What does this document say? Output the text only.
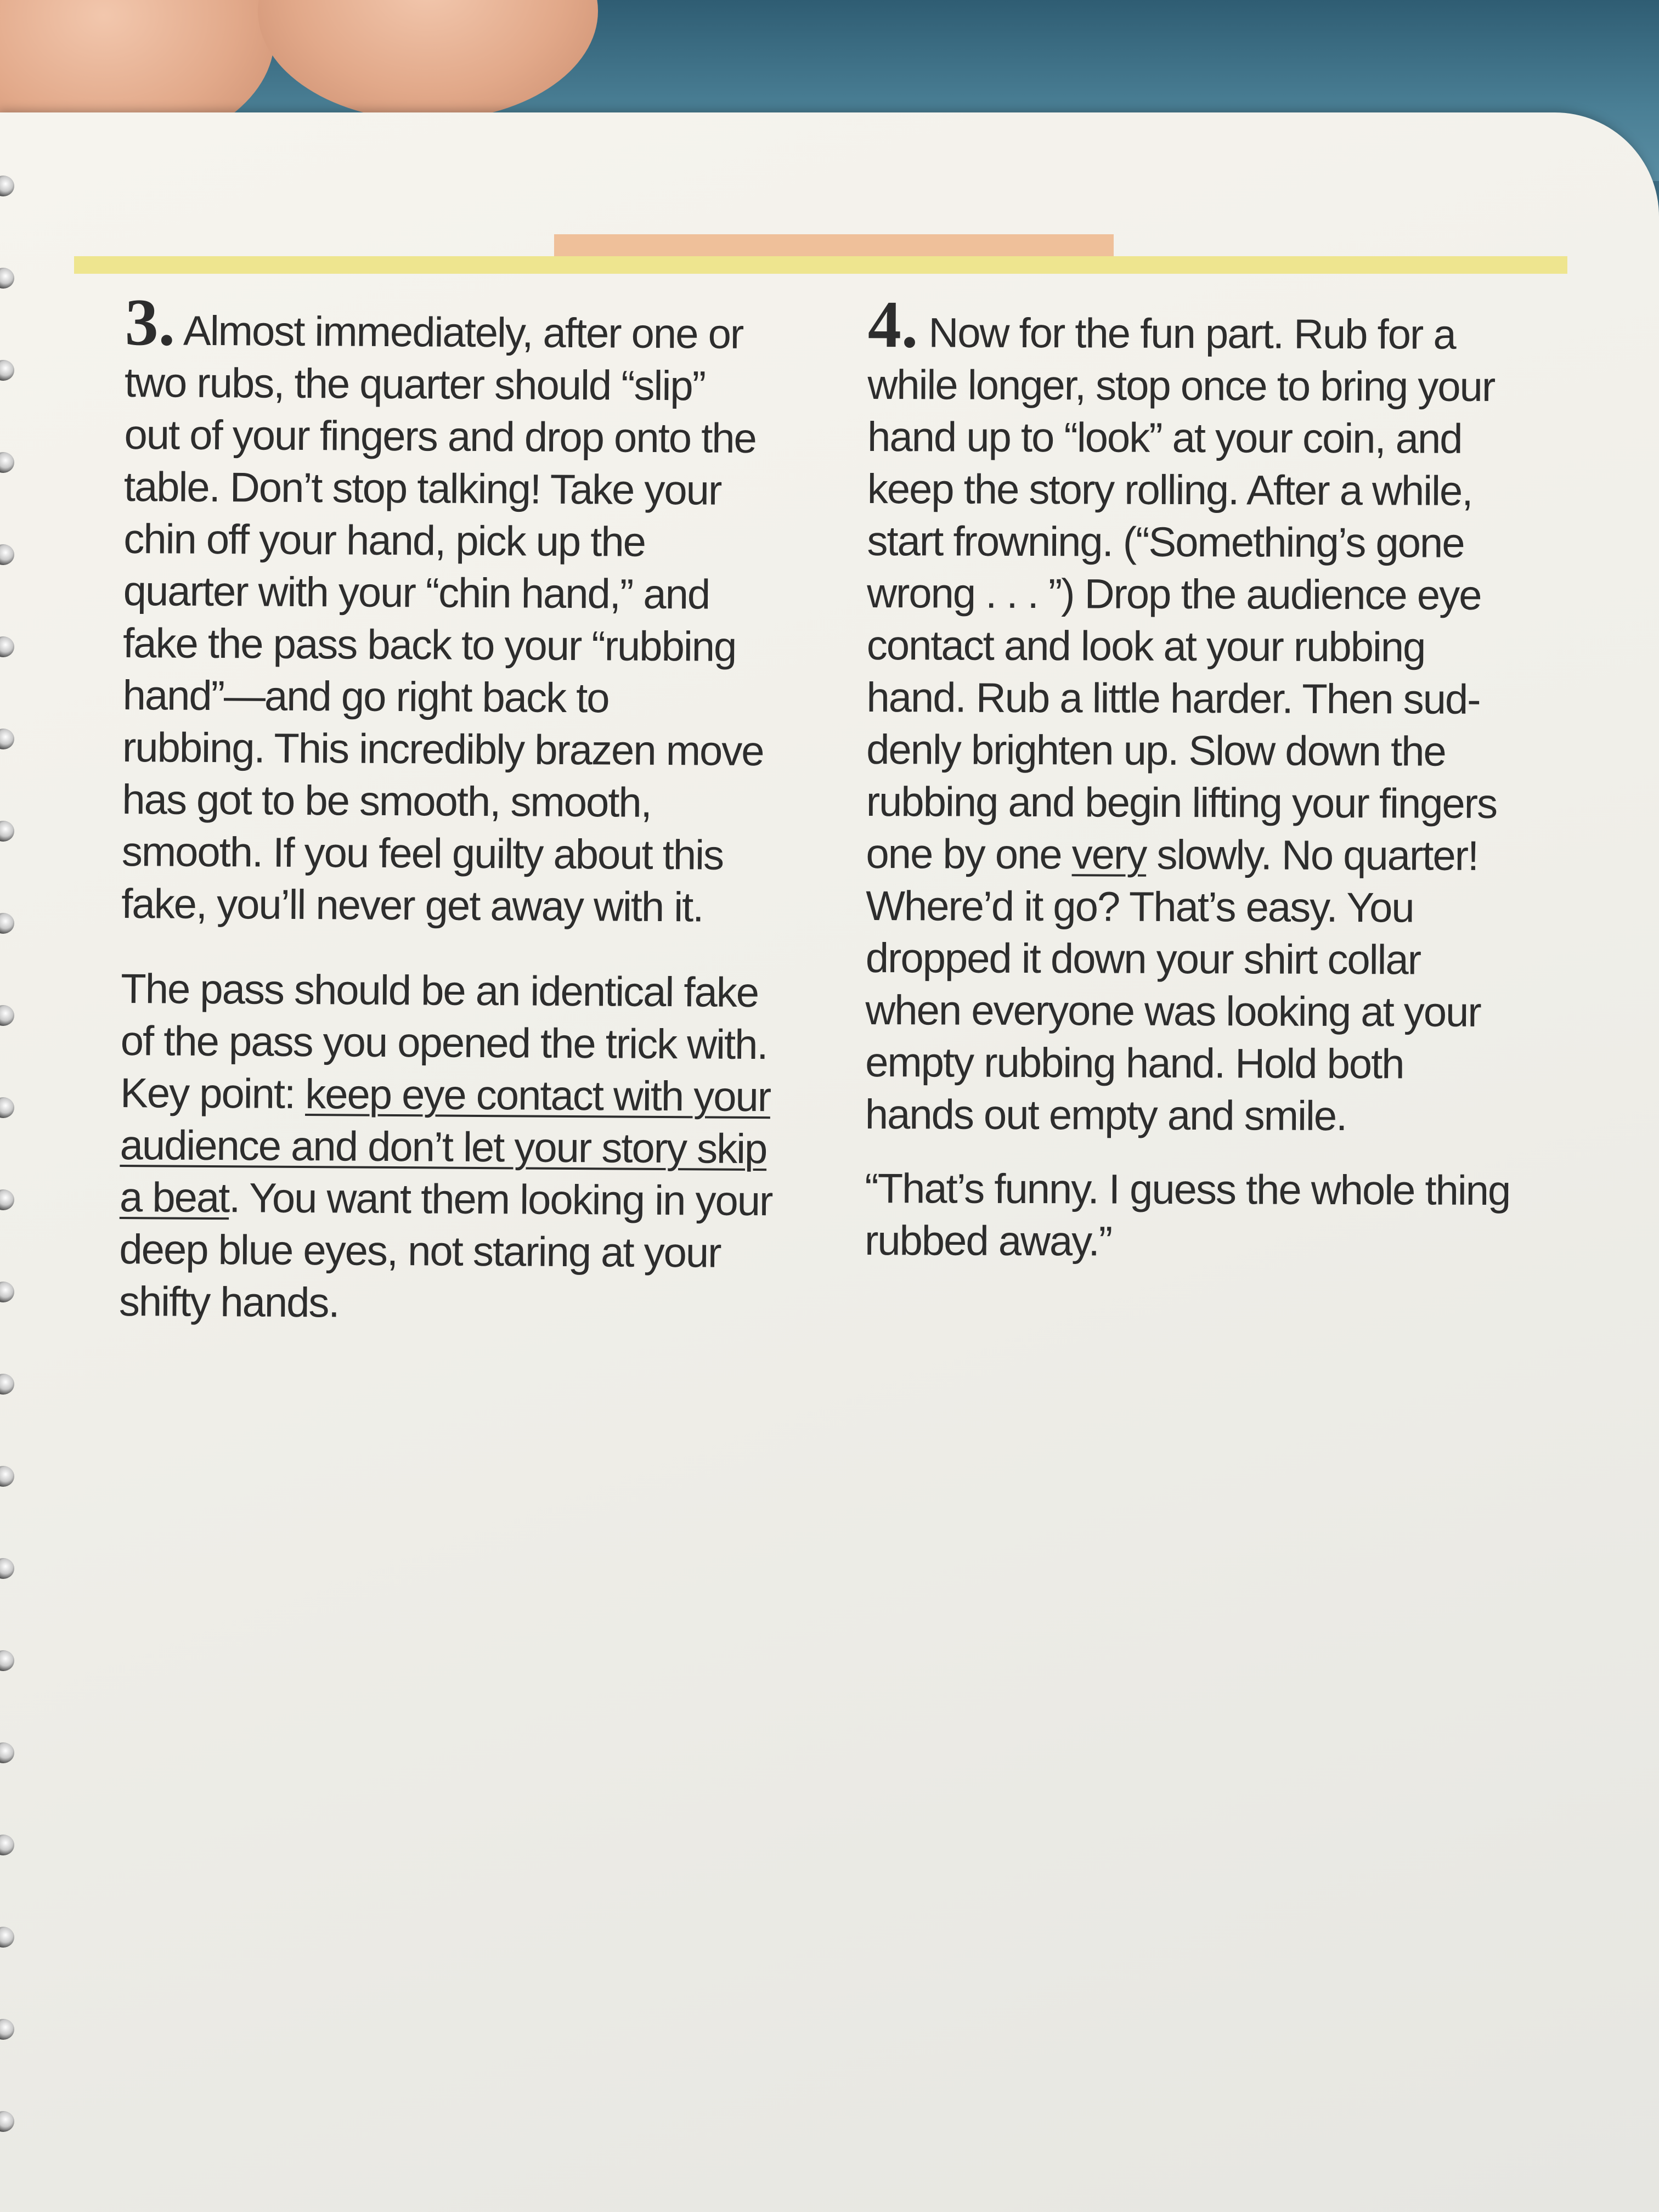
3. Almost immediately, after one or
two rubs, the quarter should “slip”
out of your fingers and drop onto the
table. Don’t stop talking! Take your
chin off your hand, pick up the
quarter with your “chin hand,” and
fake the pass back to your “rubbing
hand”—and go right back to
rubbing. This incredibly brazen move
has got to be smooth, smooth,
smooth. If you feel guilty about this
fake, you’ll never get away with it.
The pass should be an identical fake
of the pass you opened the trick with.
Key point: keep eye contact with your
audience and don’t let your story skip
a beat. You want them looking in your
deep blue eyes, not staring at your
shifty hands.
4. Now for the fun part. Rub for a
while longer, stop once to bring your
hand up to “look” at your coin, and
keep the story rolling. After a while,
start frowning. (“Something’s gone
wrong . . . ”) Drop the audience eye
contact and look at your rubbing
hand. Rub a little harder. Then sud-
denly brighten up. Slow down the
rubbing and begin lifting your fingers
one by one very slowly. No quarter!
Where’d it go? That’s easy. You
dropped it down your shirt collar
when everyone was looking at your
empty rubbing hand. Hold both
hands out empty and smile.
“That’s funny. I guess the whole thing
rubbed away.”
